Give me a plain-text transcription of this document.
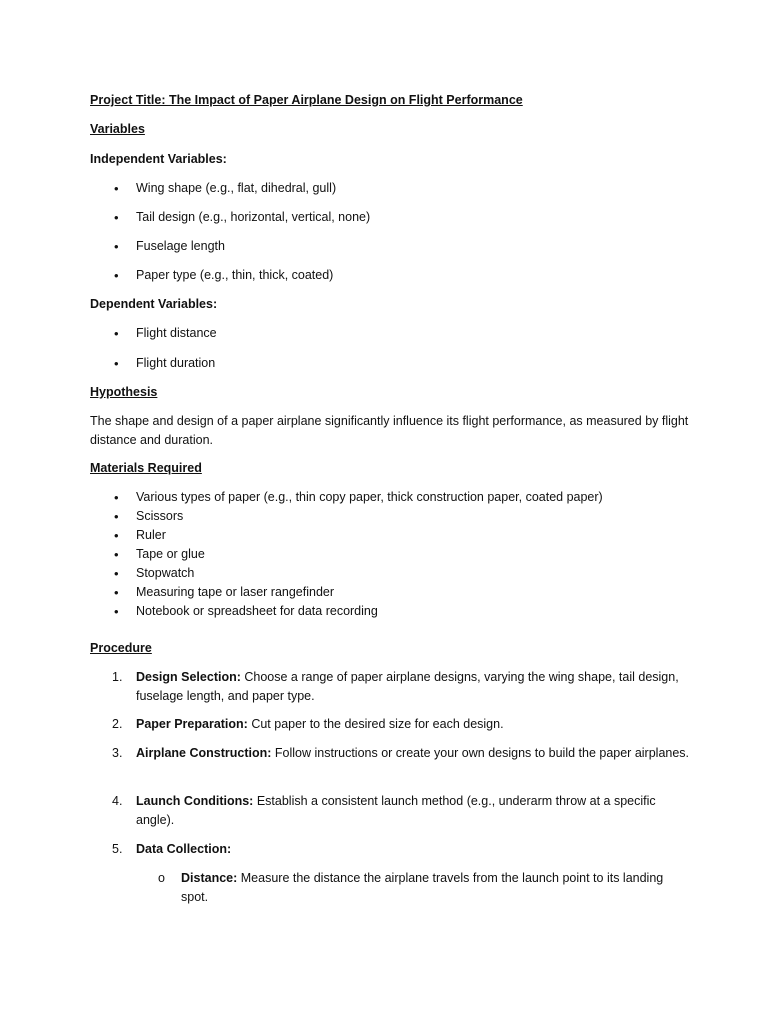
Project Title: The Impact of Paper Airplane Design on Flight Performance
Variables
Independent Variables:
•	Wing shape (e.g., flat, dihedral, gull)
•	Tail design (e.g., horizontal, vertical, none)
•	Fuselage length
•	Paper type (e.g., thin, thick, coated)
Dependent Variables:
•	Flight distance
•	Flight duration
Hypothesis
The shape and design of a paper airplane significantly influence its flight performance, as measured by flight distance and duration.
Materials Required
•	Various types of paper (e.g., thin copy paper, thick construction paper, coated paper)
•	Scissors
•	Ruler
•	Tape or glue
•	Stopwatch
•	Measuring tape or laser rangefinder
•	Notebook or spreadsheet for data recording
Procedure
1.	Design Selection: Choose a range of paper airplane designs, varying the wing shape, tail design, fuselage length, and paper type.
2.	Paper Preparation: Cut paper to the desired size for each design.
3.	Airplane Construction: Follow instructions or create your own designs to build the paper airplanes.
4.	Launch Conditions: Establish a consistent launch method (e.g., underarm throw at a specific angle).
5.	Data Collection:
o Distance: Measure the distance the airplane travels from the launch point to its landing spot.
